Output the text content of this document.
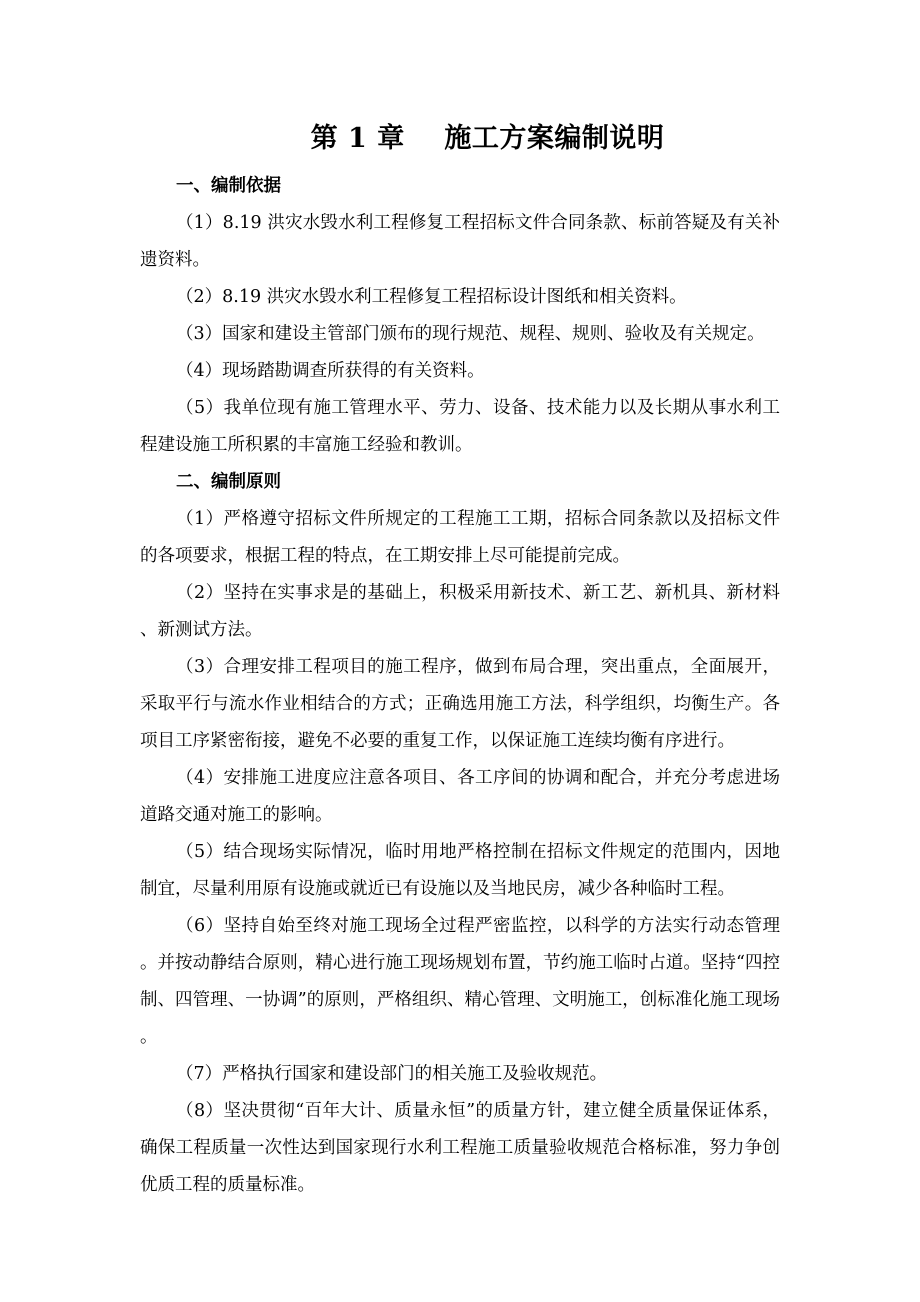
第 1 章    施工方案编制说明

一、编制依据

（1）8.19 洪灾水毁水利工程修复工程招标文件合同条款、标前答疑及有关补遗资料。

（2）8.19 洪灾水毁水利工程修复工程招标设计图纸和相关资料。

（3）国家和建设主管部门颁布的现行规范、规程、规则、验收及有关规定。

（4）现场踏勘调查所获得的有关资料。

（5）我单位现有施工管理水平、劳力、设备、技术能力以及长期从事水利工程建设施工所积累的丰富施工经验和教训。

二、编制原则

（1）严格遵守招标文件所规定的工程施工工期，招标合同条款以及招标文件的各项要求，根据工程的特点，在工期安排上尽可能提前完成。

（2）坚持在实事求是的基础上，积极采用新技术、新工艺、新机具、新材料、新测试方法。

（3）合理安排工程项目的施工程序，做到布局合理，突出重点，全面展开，采取平行与流水作业相结合的方式；正确选用施工方法，科学组织，均衡生产。各项目工序紧密衔接，避免不必要的重复工作，以保证施工连续均衡有序进行。

（4）安排施工进度应注意各项目、各工序间的协调和配合，并充分考虑进场道路交通对施工的影响。

（5）结合现场实际情况，临时用地严格控制在招标文件规定的范围内，因地制宜，尽量利用原有设施或就近已有设施以及当地民房，减少各种临时工程。

（6）坚持自始至终对施工现场全过程严密监控，以科学的方法实行动态管理。并按动静结合原则，精心进行施工现场规划布置，节约施工临时占道。坚持“四控制、四管理、一协调”的原则，严格组织、精心管理、文明施工，创标准化施工现场。

（7）严格执行国家和建设部门的相关施工及验收规范。

（8）坚决贯彻“百年大计、质量永恒”的质量方针，建立健全质量保证体系，确保工程质量一次性达到国家现行水利工程施工质量验收规范合格标准，努力争创优质工程的质量标准。
